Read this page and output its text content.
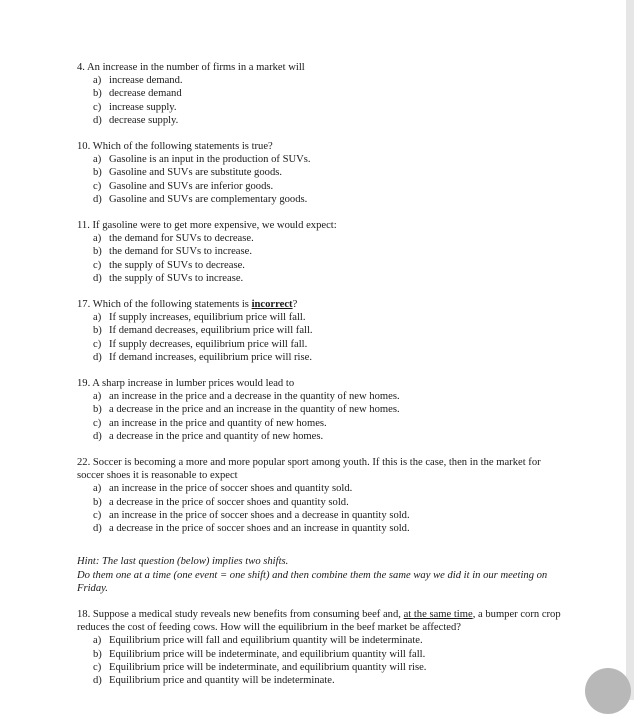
4. An increase in the number of firms in a market will

a) increase demand.
b) decrease demand
c) increase supply.
d) decrease supply.

10. Which of the following statements is true?

a) Gasoline is an input in the production of SUVs.
b) Gasoline and SUVs are substitute goods.
c) Gasoline and SUVs are inferior goods.
d) Gasoline and SUVs are complementary goods.

11. If gasoline were to get more expensive, we would expect:

a) the demand for SUVs to decrease.
b) the demand for SUVs to increase.
c) the supply of SUVs to decrease.
d) the supply of SUVs to increase.

17. Which of the following statements is incorrect?

a) If supply increases, equilibrium price will fall.
b) If demand decreases, equilibrium price will fall.
c) If supply decreases, equilibrium price will fall.
d) If demand increases, equilibrium price will rise.

19. A sharp increase in lumber prices would lead to

a) an increase in the price and a decrease in the quantity of new homes.
b) a decrease in the price and an increase in the quantity of new homes.
c) an increase in the price and quantity of new homes.
d) a decrease in the price and quantity of new homes.

22. Soccer is becoming a more and more popular sport among youth. If this is the case, then in the market for soccer shoes it is reasonable to expect

a) an increase in the price of soccer shoes and quantity sold.
b) a decrease in the price of soccer shoes and quantity sold.
c) an increase in the price of soccer shoes and a decrease in quantity sold.
d) a decrease in the price of soccer shoes and an increase in quantity sold.

Hint: The last question (below) implies two shifts.

Do them one at a time (one event = one shift) and then combine them the same way we did it in our meeting on Friday.

18. Suppose a medical study reveals new benefits from consuming beef and, at the same time, a bumper corn crop reduces the cost of feeding cows. How will the equilibrium in the beef market be affected?

a) Equilibrium price will fall and equilibrium quantity will be indeterminate.
b) Equilibrium price will be indeterminate, and equilibrium quantity will fall.
c) Equilibrium price will be indeterminate, and equilibrium quantity will rise.
d) Equilibrium price and quantity will be indeterminate.
